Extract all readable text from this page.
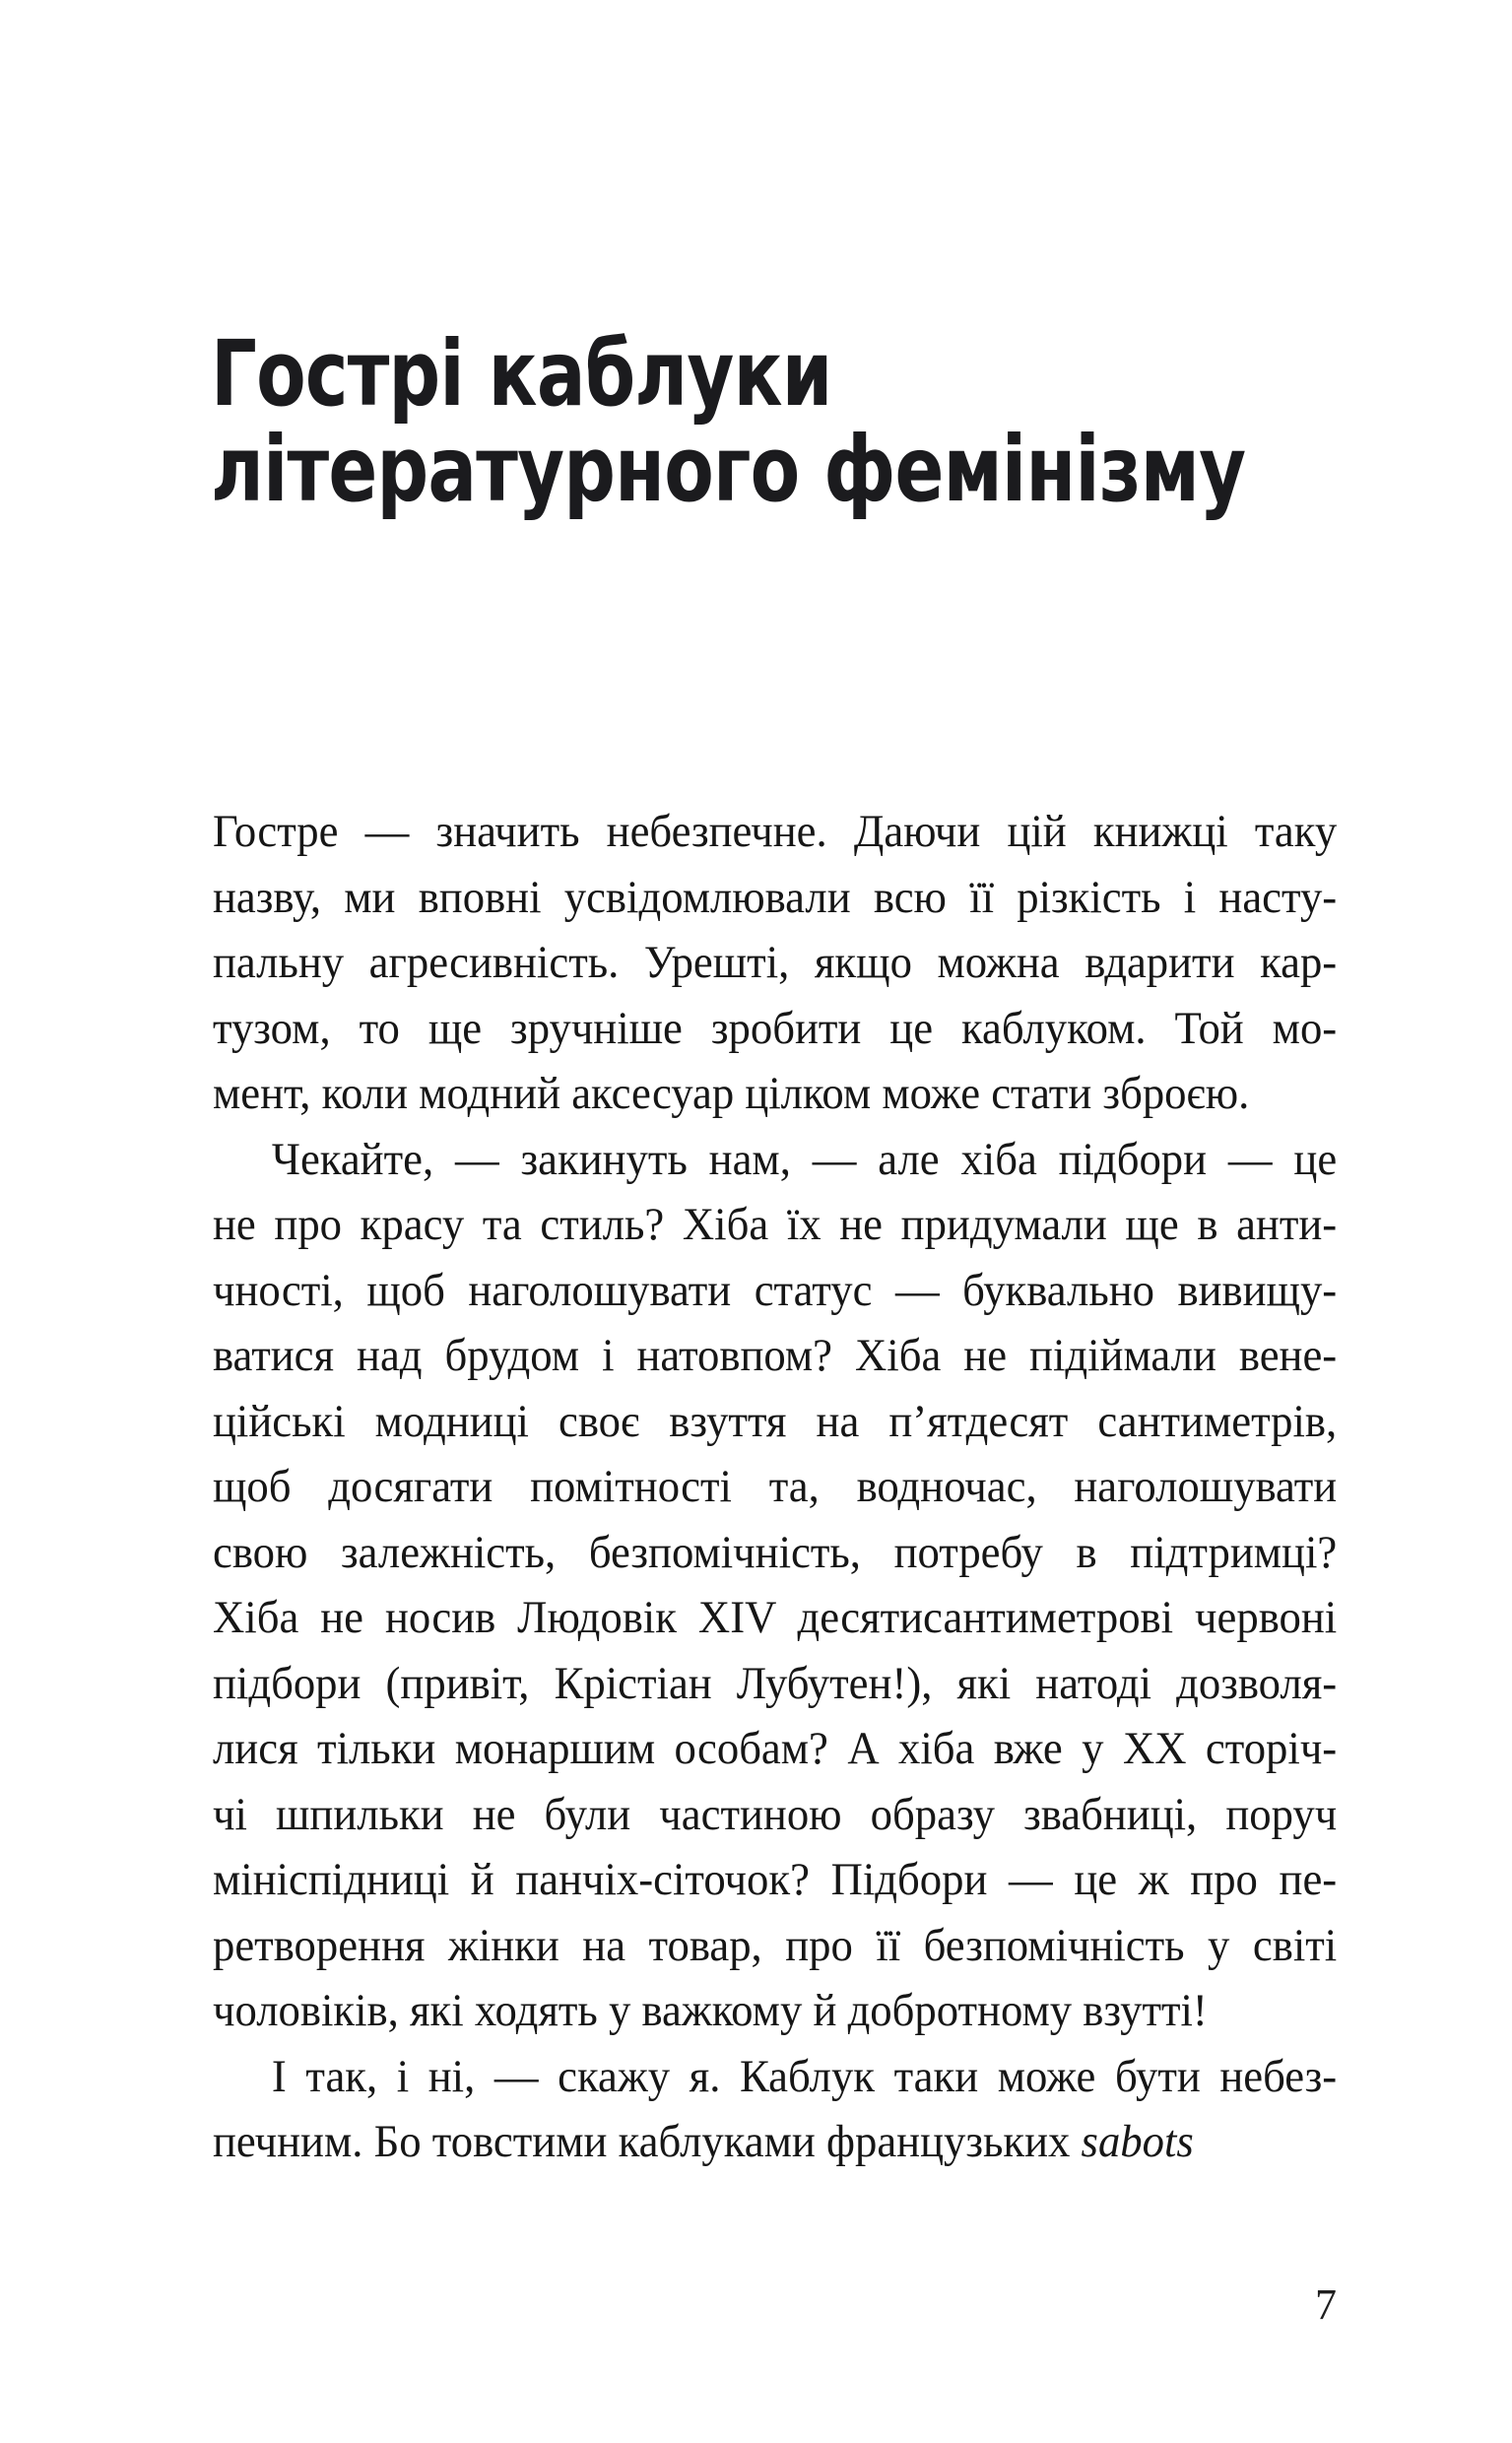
Гострі каблуки
літературного фемінізму
Гостре — значить небезпечне. Даючи цій книжці таку
назву, ми вповні усвідомлювали всю її різкість і насту-
пальну агресивність. Урешті, якщо можна вдарити кар-
тузом, то ще зручніше зробити це каблуком. Той мо-
мент, коли модний аксесуар цілком може стати зброєю.
Чекайте, — закинуть нам, — але хіба підбори — це
не про красу та стиль? Хіба їх не придумали ще в анти-
чності, щоб наголошувати статус — буквально вивищу-
ватися над брудом і натовпом? Хіба не підіймали вене-
ційські модниці своє взуття на п’ятдесят сантиметрів,
щоб досягати помітності та, водночас, наголошувати
свою залежність, безпомічність, потребу в підтримці?
Хіба не носив Людовік XIV десятисантиметрові червоні
підбори (привіт, Крістіан Лубутен!), які натоді дозволя-
лися тільки монаршим особам? А хіба вже у XX сторіч-
чі шпильки не були частиною образу звабниці, поруч
мініспідниці й панчіх-сіточок? Підбори — це ж про пе-
ретворення жінки на товар, про її безпомічність у світі
чоловіків, які ходять у важкому й добротному взутті!
І так, і ні, — скажу я. Каблук таки може бути небез-
печним. Бо товстими каблуками французьких sabots
7
